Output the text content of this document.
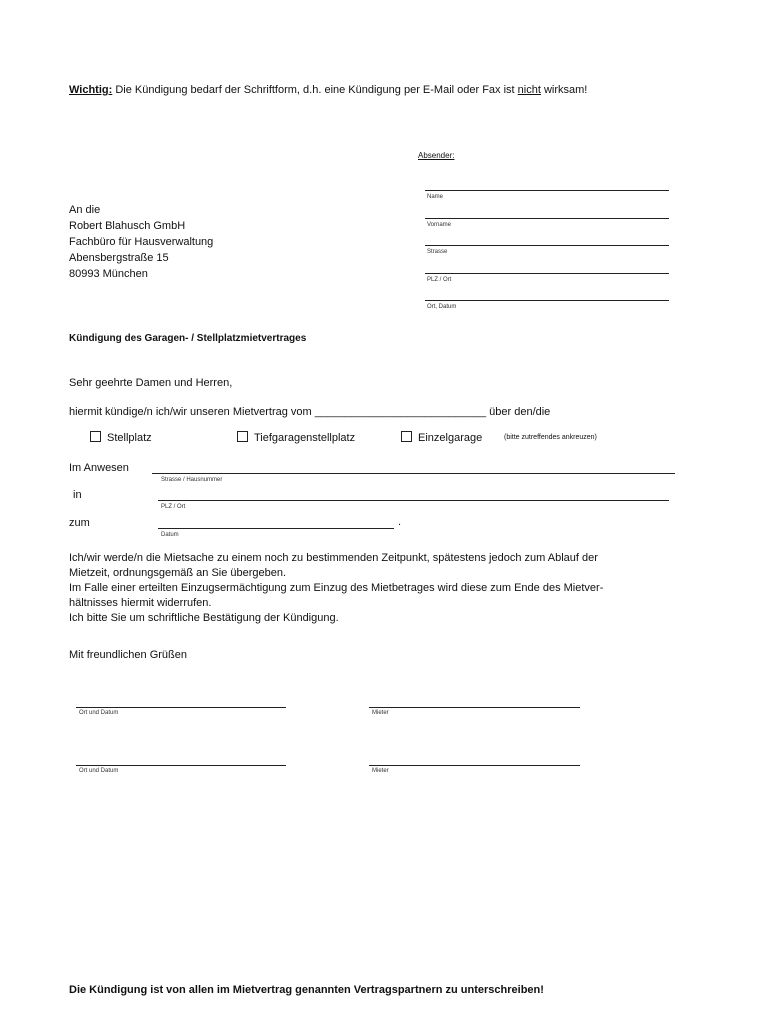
Wichtig: Die Kündigung bedarf der Schriftform, d.h. eine Kündigung per E-Mail oder Fax ist nicht wirksam!
Absender:
Name
Vorname
Strasse
PLZ / Ort
Ort, Datum
An die
Robert Blahusch GmbH
Fachbüro für Hausverwaltung
Abensbergstraße 15
80993 München
Kündigung des Garagen- / Stellplatzmietvertrages
Sehr geehrte Damen und Herren,
hiermit kündige/n ich/wir unseren Mietvertrag vom ____________________________ über den/die
Stellplatz	Tiefgaragenstellplatz	Einzelgarage	(bitte zutreffendes ankreuzen)
Im Anwesen
Strasse / Hausnummer
in
PLZ / Ort
zum	.
Datum
Ich/wir werde/n die Mietsache zu einem noch zu bestimmenden Zeitpunkt, spätestens jedoch zum Ablauf der
Mietzeit, ordnungsgemäß an Sie übergeben.
Im Falle einer erteilten Einzugsermächtigung zum Einzug des Mietbetrages wird diese zum Ende des Mietver-
hältnisses hiermit widerrufen.
Ich bitte Sie um schriftliche Bestätigung der Kündigung.
Mit freundlichen Grüßen
Ort und Datum	Mieter
Ort und Datum	Mieter
Die Kündigung ist von allen im Mietvertrag genannten Vertragspartnern zu unterschreiben!
